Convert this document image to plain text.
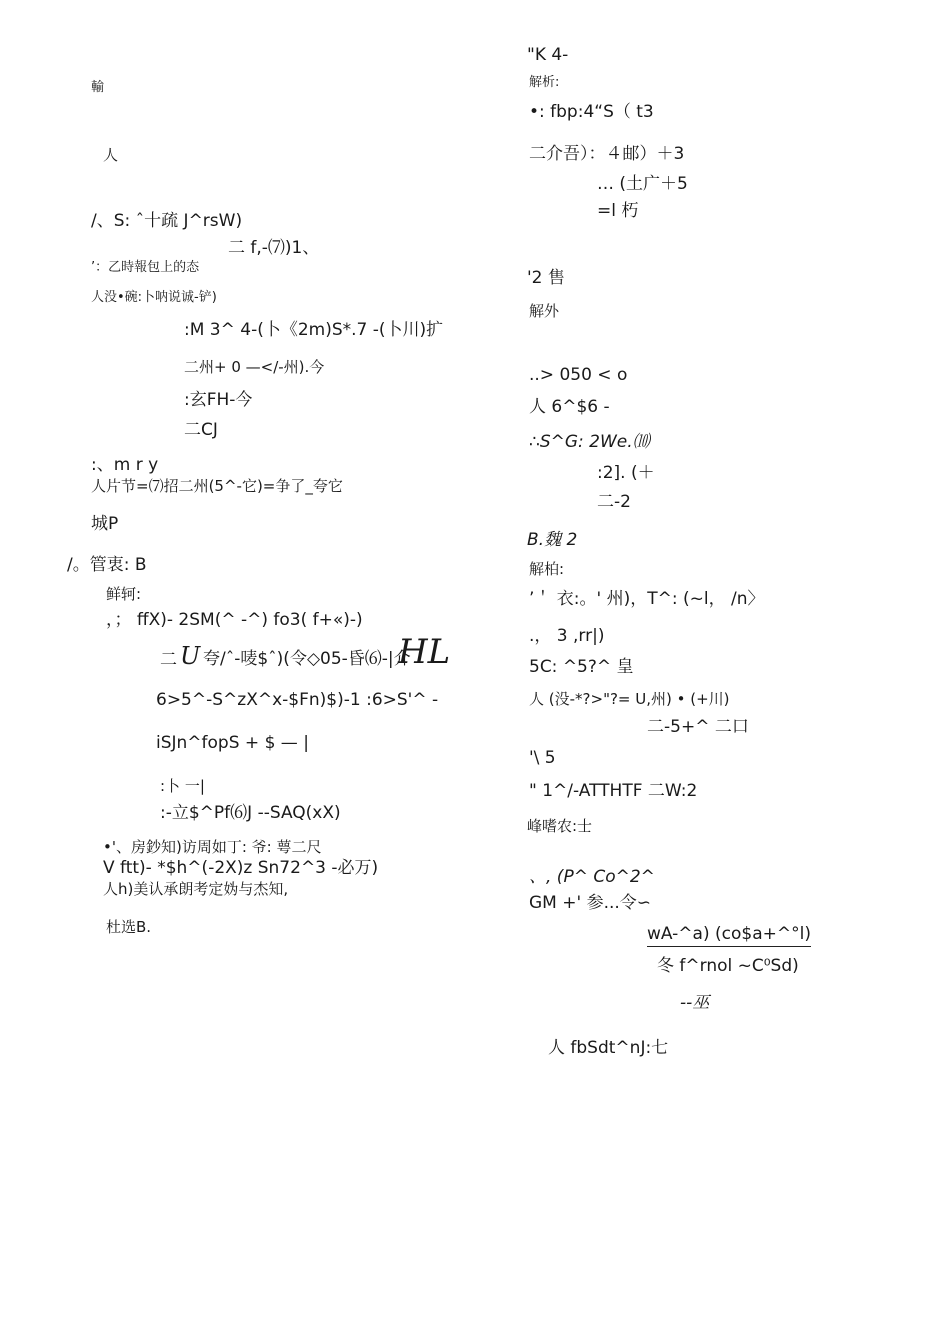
輸
人
/、S: ˆ十疏 J^rsW)
二 f,-⑺)1、
’：乙時報包上的态
人没•碗:卜呐说诚-铲)
:M 3^ 4-(卜《2m)S*.7 -(卜川)扩
二州+ 0 —</-州).今
:玄FH-今
二CJ
:、m r y
人片节=⑺招二州(5^-它)=争了_夸它
城P
/。管衷: B
鲜轲:
，； ffX)- 2SM(^ -^) fo3( f+«)-)
二 U 夸/ˆ-唛$ˆ)(令◇05-昏⑹-|介
HL
6>5^-S^zX^x-$Fn)$)-1 :6>S'^ -
iSJn^fopS + $ — |
:卜 一|
:-立$^Pf⑹J --SAQ(xX)
•'、房鈔知)访周如丁: 爷: 萼二尺
V ftt)- *$h^(-2X)z Sn72^3 -必万)
人h)美认承朗考定妫与杰知,
杜选B.
"K 4-
解析:
•: fbp:4“S（ t3
二介吾）：４邮）＋3
… (土广＋5
=l 朽
'2 售
解外
..> 050 < o
人 6^$6 -
∴S^G: 2We.⑽
:2]. (＋
二-2
B.魏 2
解柏:
’＇ 衣:。' 州)，T^: (~l， /n〉
.， 3 ,rr|)
5C: ^5?^ 皇
人 (没-*?>"?= U,州) • (+川)
二-5+^ 二口
'\ 5
" 1^/-ATTHTF 二W:2
峰嗜农:士
、, (P^ Co^2^
GM +' 参...令∽
wA-^a) (co$a+^°l)
冬 f^rnol ~C⁰Sd)
--巫
人 fbSdt^nJ:七
